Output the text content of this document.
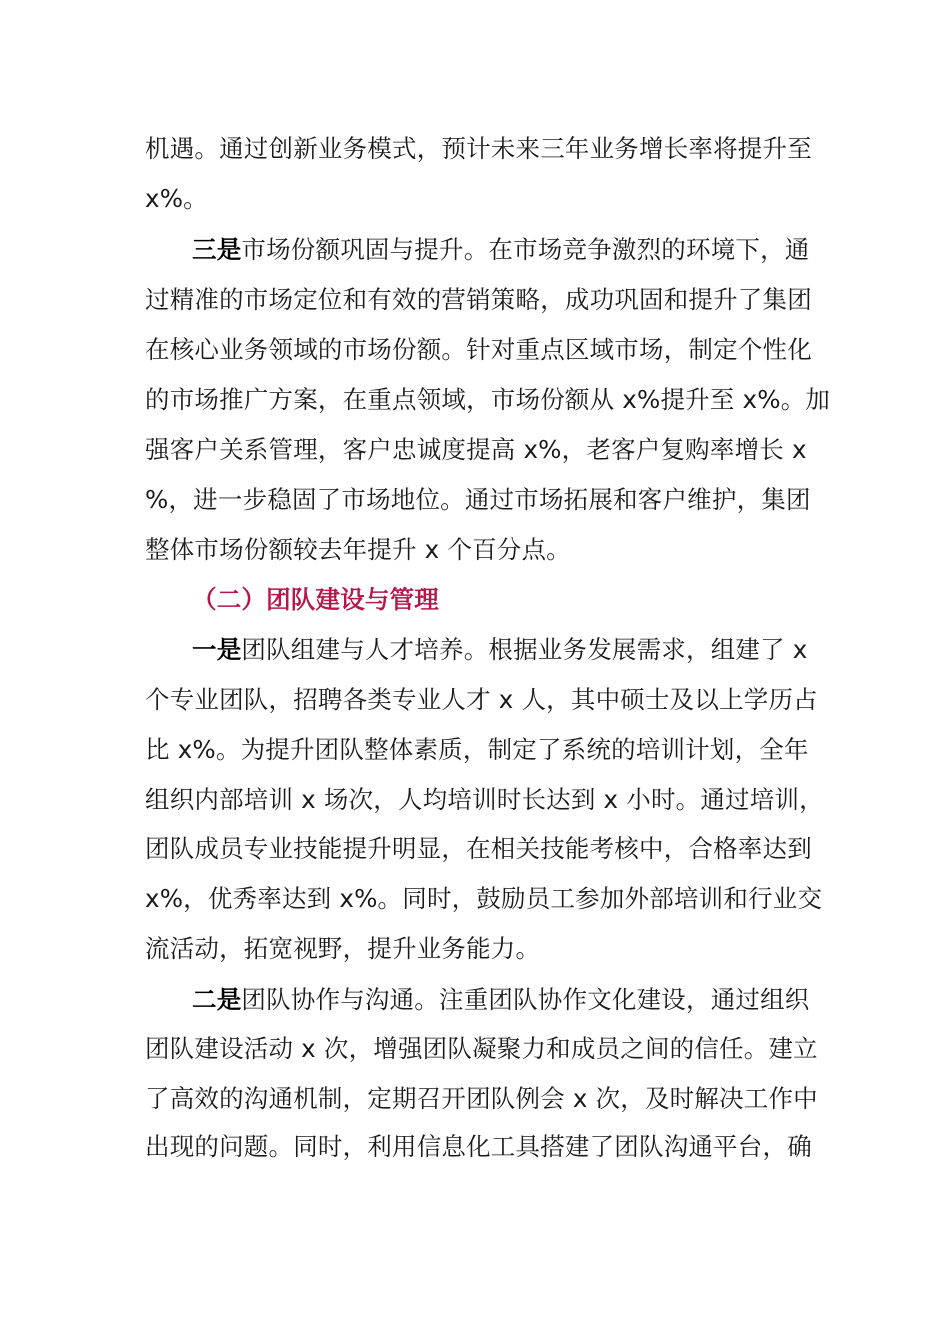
机遇。通过创新业务模式，预计未来三年业务增长率将提升至
x%。
三是市场份额巩固与提升。在市场竞争激烈的环境下，通
过精准的市场定位和有效的营销策略，成功巩固和提升了集团
在核心业务领域的市场份额。针对重点区域市场，制定个性化
的市场推广方案，在重点领域，市场份额从 x%提升至 x%。加
强客户关系管理，客户忠诚度提高 x%，老客户复购率增长 x
%，进一步稳固了市场地位。通过市场拓展和客户维护，集团
整体市场份额较去年提升 x 个百分点。
（二）团队建设与管理
一是团队组建与人才培养。根据业务发展需求，组建了 x
个专业团队，招聘各类专业人才 x 人，其中硕士及以上学历占
比 x%。为提升团队整体素质，制定了系统的培训计划，全年
组织内部培训 x 场次，人均培训时长达到 x 小时。通过培训，
团队成员专业技能提升明显，在相关技能考核中，合格率达到
x%，优秀率达到 x%。同时，鼓励员工参加外部培训和行业交
流活动，拓宽视野，提升业务能力。
二是团队协作与沟通。注重团队协作文化建设，通过组织
团队建设活动 x 次，增强团队凝聚力和成员之间的信任。建立
了高效的沟通机制，定期召开团队例会 x 次，及时解决工作中
出现的问题。同时，利用信息化工具搭建了团队沟通平台，确
